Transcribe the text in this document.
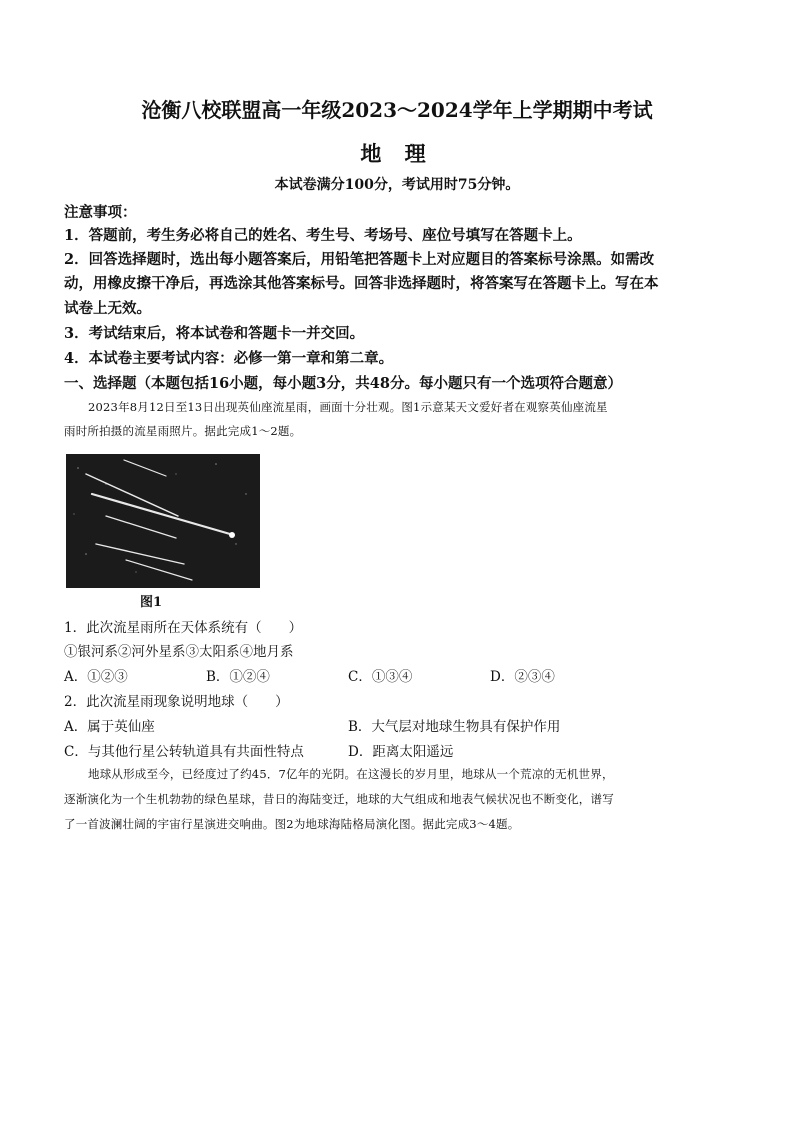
沧衡八校联盟高一年级2023～2024学年上学期期中考试
地 理
本试卷满分100分，考试用时75分钟。
注意事项：
1．答题前，考生务必将自己的姓名、考生号、考场号、座位号填写在答题卡上。
2．回答选择题时，选出每小题答案后，用铅笔把答题卡上对应题目的答案标号涂黑。如需改
动，用橡皮擦干净后，再选涂其他答案标号。回答非选择题时，将答案写在答题卡上。写在本
试卷上无效。
3．考试结束后，将本试卷和答题卡一并交回。
4．本试卷主要考试内容：必修一第一章和第二章。
一、选择题（本题包括16小题，每小题3分，共48分。每小题只有一个选项符合题意）
2023年8月12日至13日出现英仙座流星雨，画面十分壮观。图1示意某天文爱好者在观察英仙座流星
雨时所拍摄的流星雨照片。据此完成1～2题。
图1
1．此次流星雨所在天体系统有（　　）
①银河系②河外星系③太阳系④地月系
A．①②③	B．①②④	C．①③④	D．②③④
2．此次流星雨现象说明地球（　　）
A．属于英仙座	B．大气层对地球生物具有保护作用
C．与其他行星公转轨道具有共面性特点	D．距离太阳遥远
地球从形成至今，已经度过了约45．7亿年的光阴。在这漫长的岁月里，地球从一个荒凉的无机世界，
逐渐演化为一个生机勃勃的绿色星球，昔日的海陆变迁，地球的大气组成和地表气候状况也不断变化，谱写
了一首波澜壮阔的宇宙行星演进交响曲。图2为地球海陆格局演化图。据此完成3～4题。
